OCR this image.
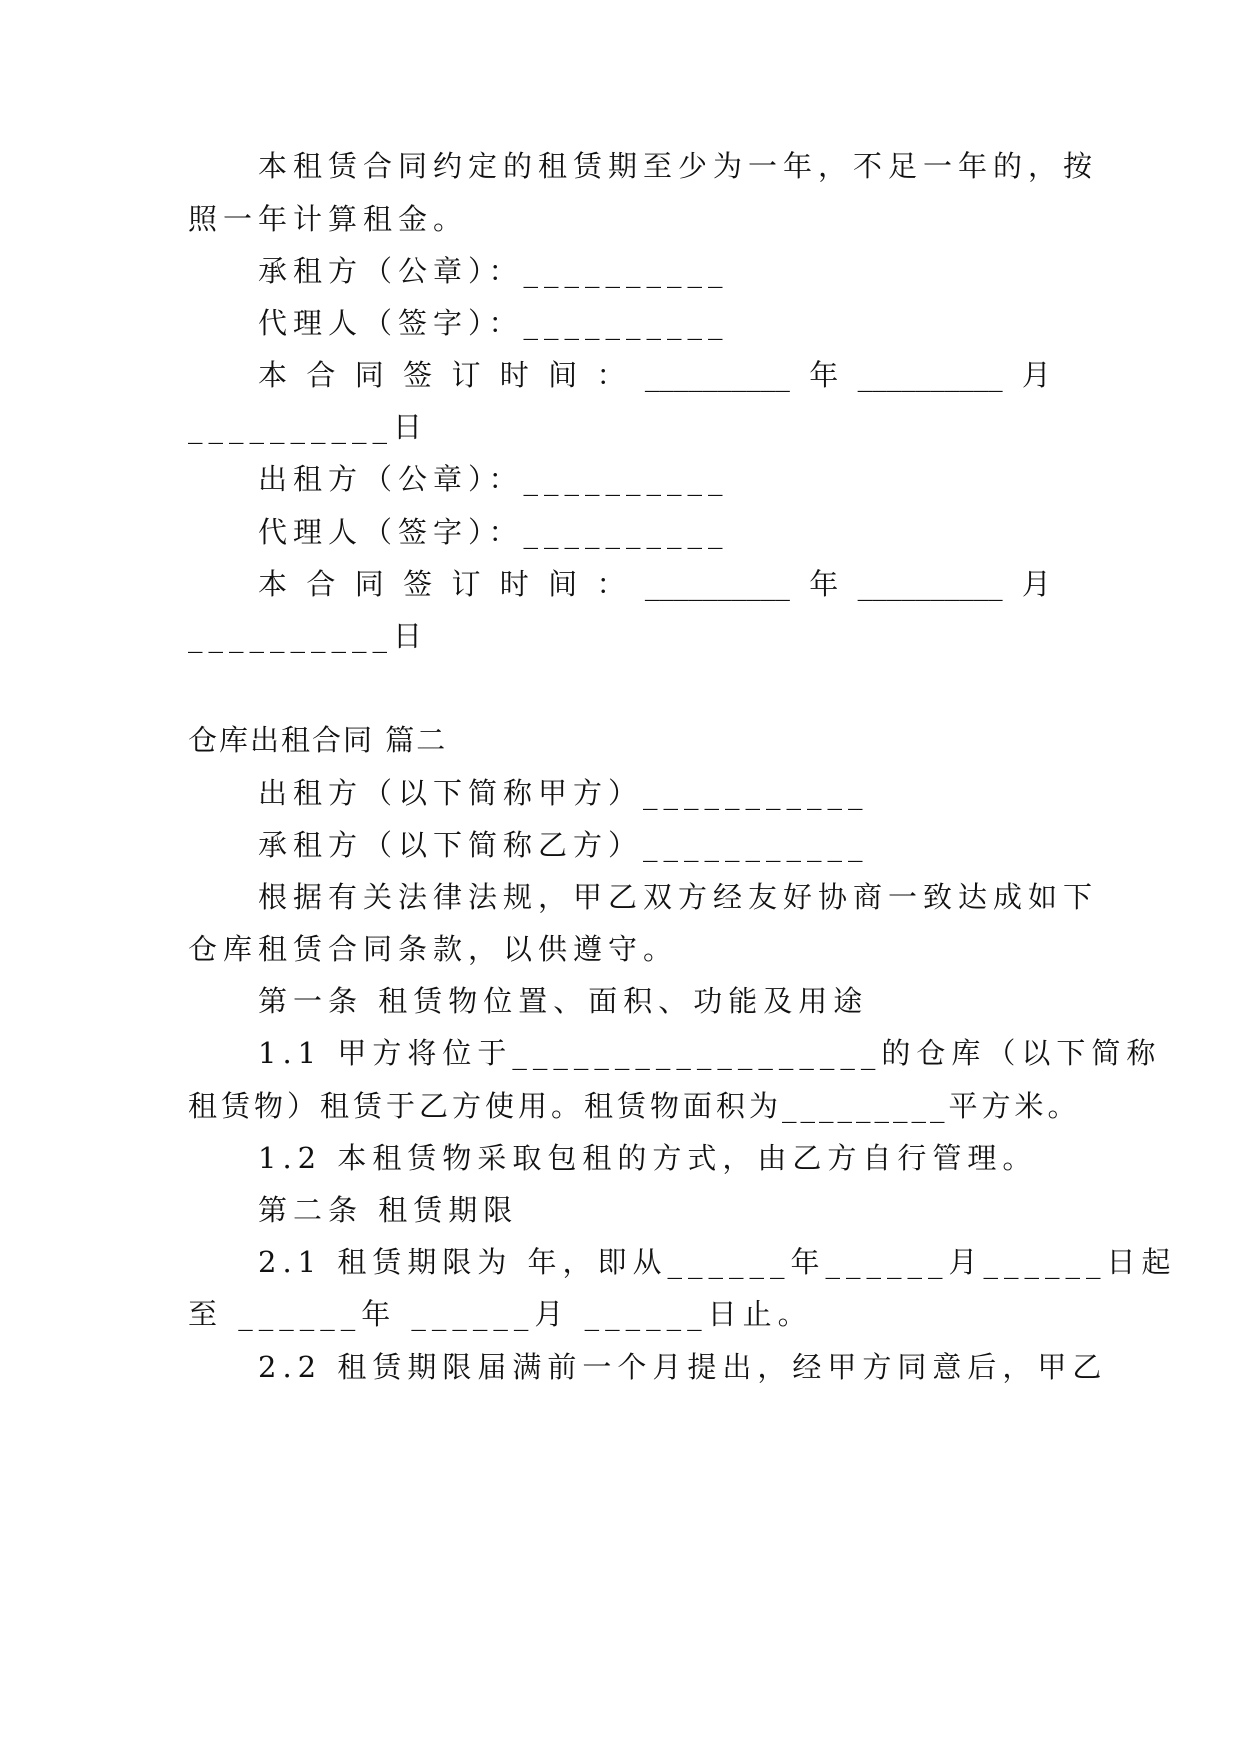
本租赁合同约定的租赁期至少为一年，不足一年的，按
照一年计算租金。
承租方（公章）：__________
代理人（签字）：__________
本 合 同 签 订 时 间 ： __________ 年 __________ 月
__________日
出租方（公章）：__________
代理人（签字）：__________
本 合 同 签 订 时 间 ： __________ 年 __________ 月
__________日
仓库出租合同 篇二
出租方（以下简称甲方）___________
承租方（以下简称乙方）___________
根据有关法律法规，甲乙双方经友好协商一致达成如下
仓库租赁合同条款，以供遵守。
第一条 租赁物位置、面积、功能及用途
1.1 甲方将位于__________________的仓库（以下简称
租赁物）租赁于乙方使用。租赁物面积为_________平方米。
1.2 本租赁物采取包租的方式，由乙方自行管理。
第二条 租赁期限
2.1 租赁期限为 年，即从______年______月______日起
至 ______年 ______月 ______日止。
2.2 租赁期限届满前一个月提出，经甲方同意后，甲乙
